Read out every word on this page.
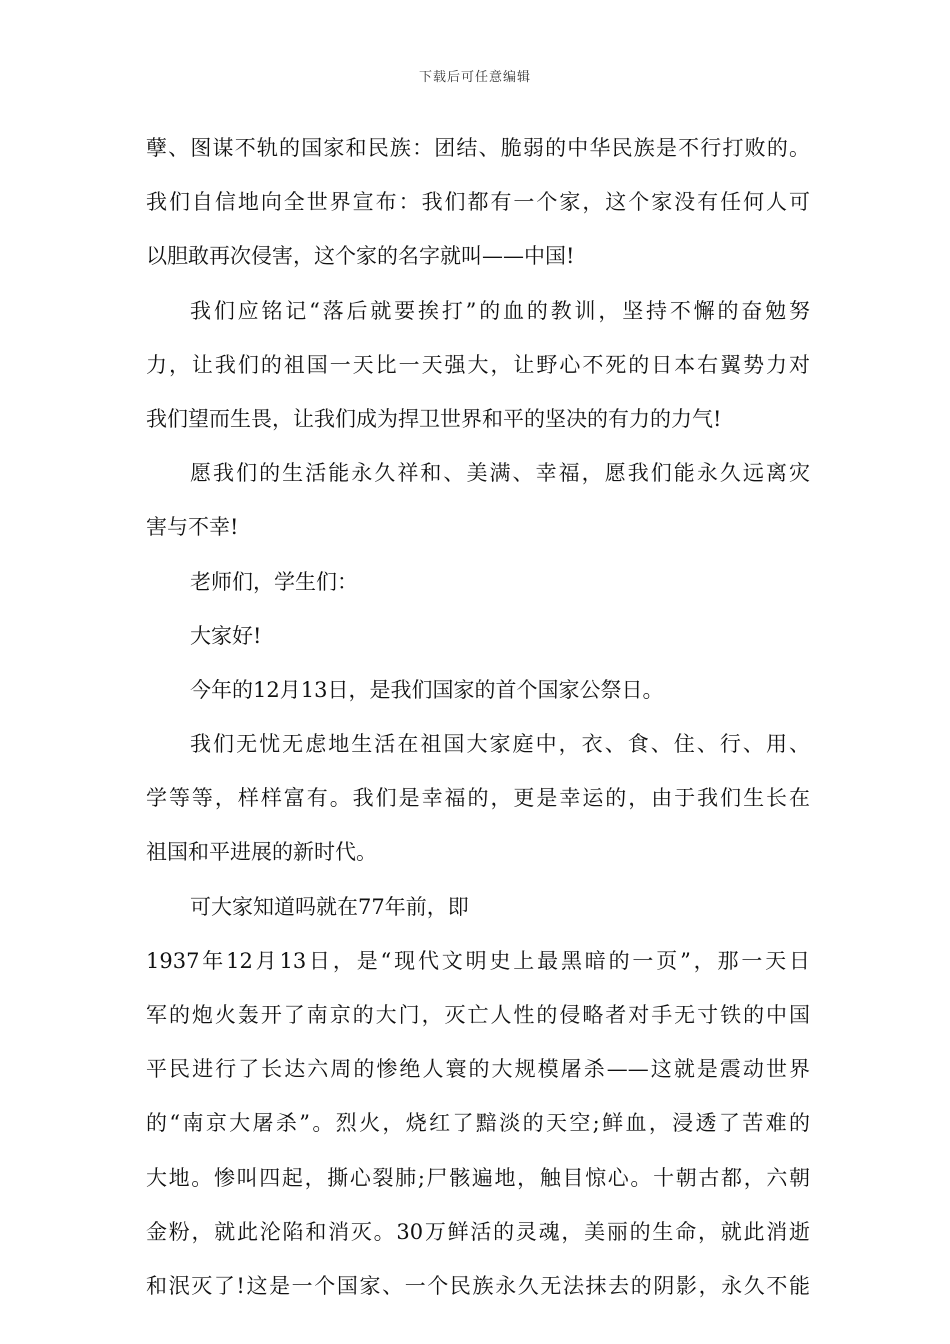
下载后可任意编辑
孽、图谋不轨的国家和民族：团结、脆弱的中华民族是不行打败的。
我们自信地向全世界宣布：我们都有一个家，这个家没有任何人可
以胆敢再次侵害，这个家的名字就叫——中国!
我们应铭记“落后就要挨打”的血的教训，坚持不懈的奋勉努
力，让我们的祖国一天比一天强大，让野心不死的日本右翼势力对
我们望而生畏，让我们成为捍卫世界和平的坚决的有力的力气!
愿我们的生活能永久祥和、美满、幸福，愿我们能永久远离灾
害与不幸!
老师们，学生们：
大家好!
今年的12月13日，是我们国家的首个国家公祭日。
我们无忧无虑地生活在祖国大家庭中，衣、食、住、行、用、
学等等，样样富有。我们是幸福的，更是幸运的，由于我们生长在
祖国和平进展的新时代。
可大家知道吗就在77年前，即
1937年12月13日，是“现代文明史上最黑暗的一页”，那一天日
军的炮火轰开了南京的大门，灭亡人性的侵略者对手无寸铁的中国
平民进行了长达六周的惨绝人寰的大规模屠杀——这就是震动世界
的“南京大屠杀”。烈火，烧红了黯淡的天空;鲜血，浸透了苦难的
大地。惨叫四起，撕心裂肺;尸骸遍地，触目惊心。十朝古都，六朝
金粉，就此沦陷和消灭。30万鲜活的灵魂，美丽的生命，就此消逝
和泯灭了!这是一个国家、一个民族永久无法抹去的阴影，永久不能
